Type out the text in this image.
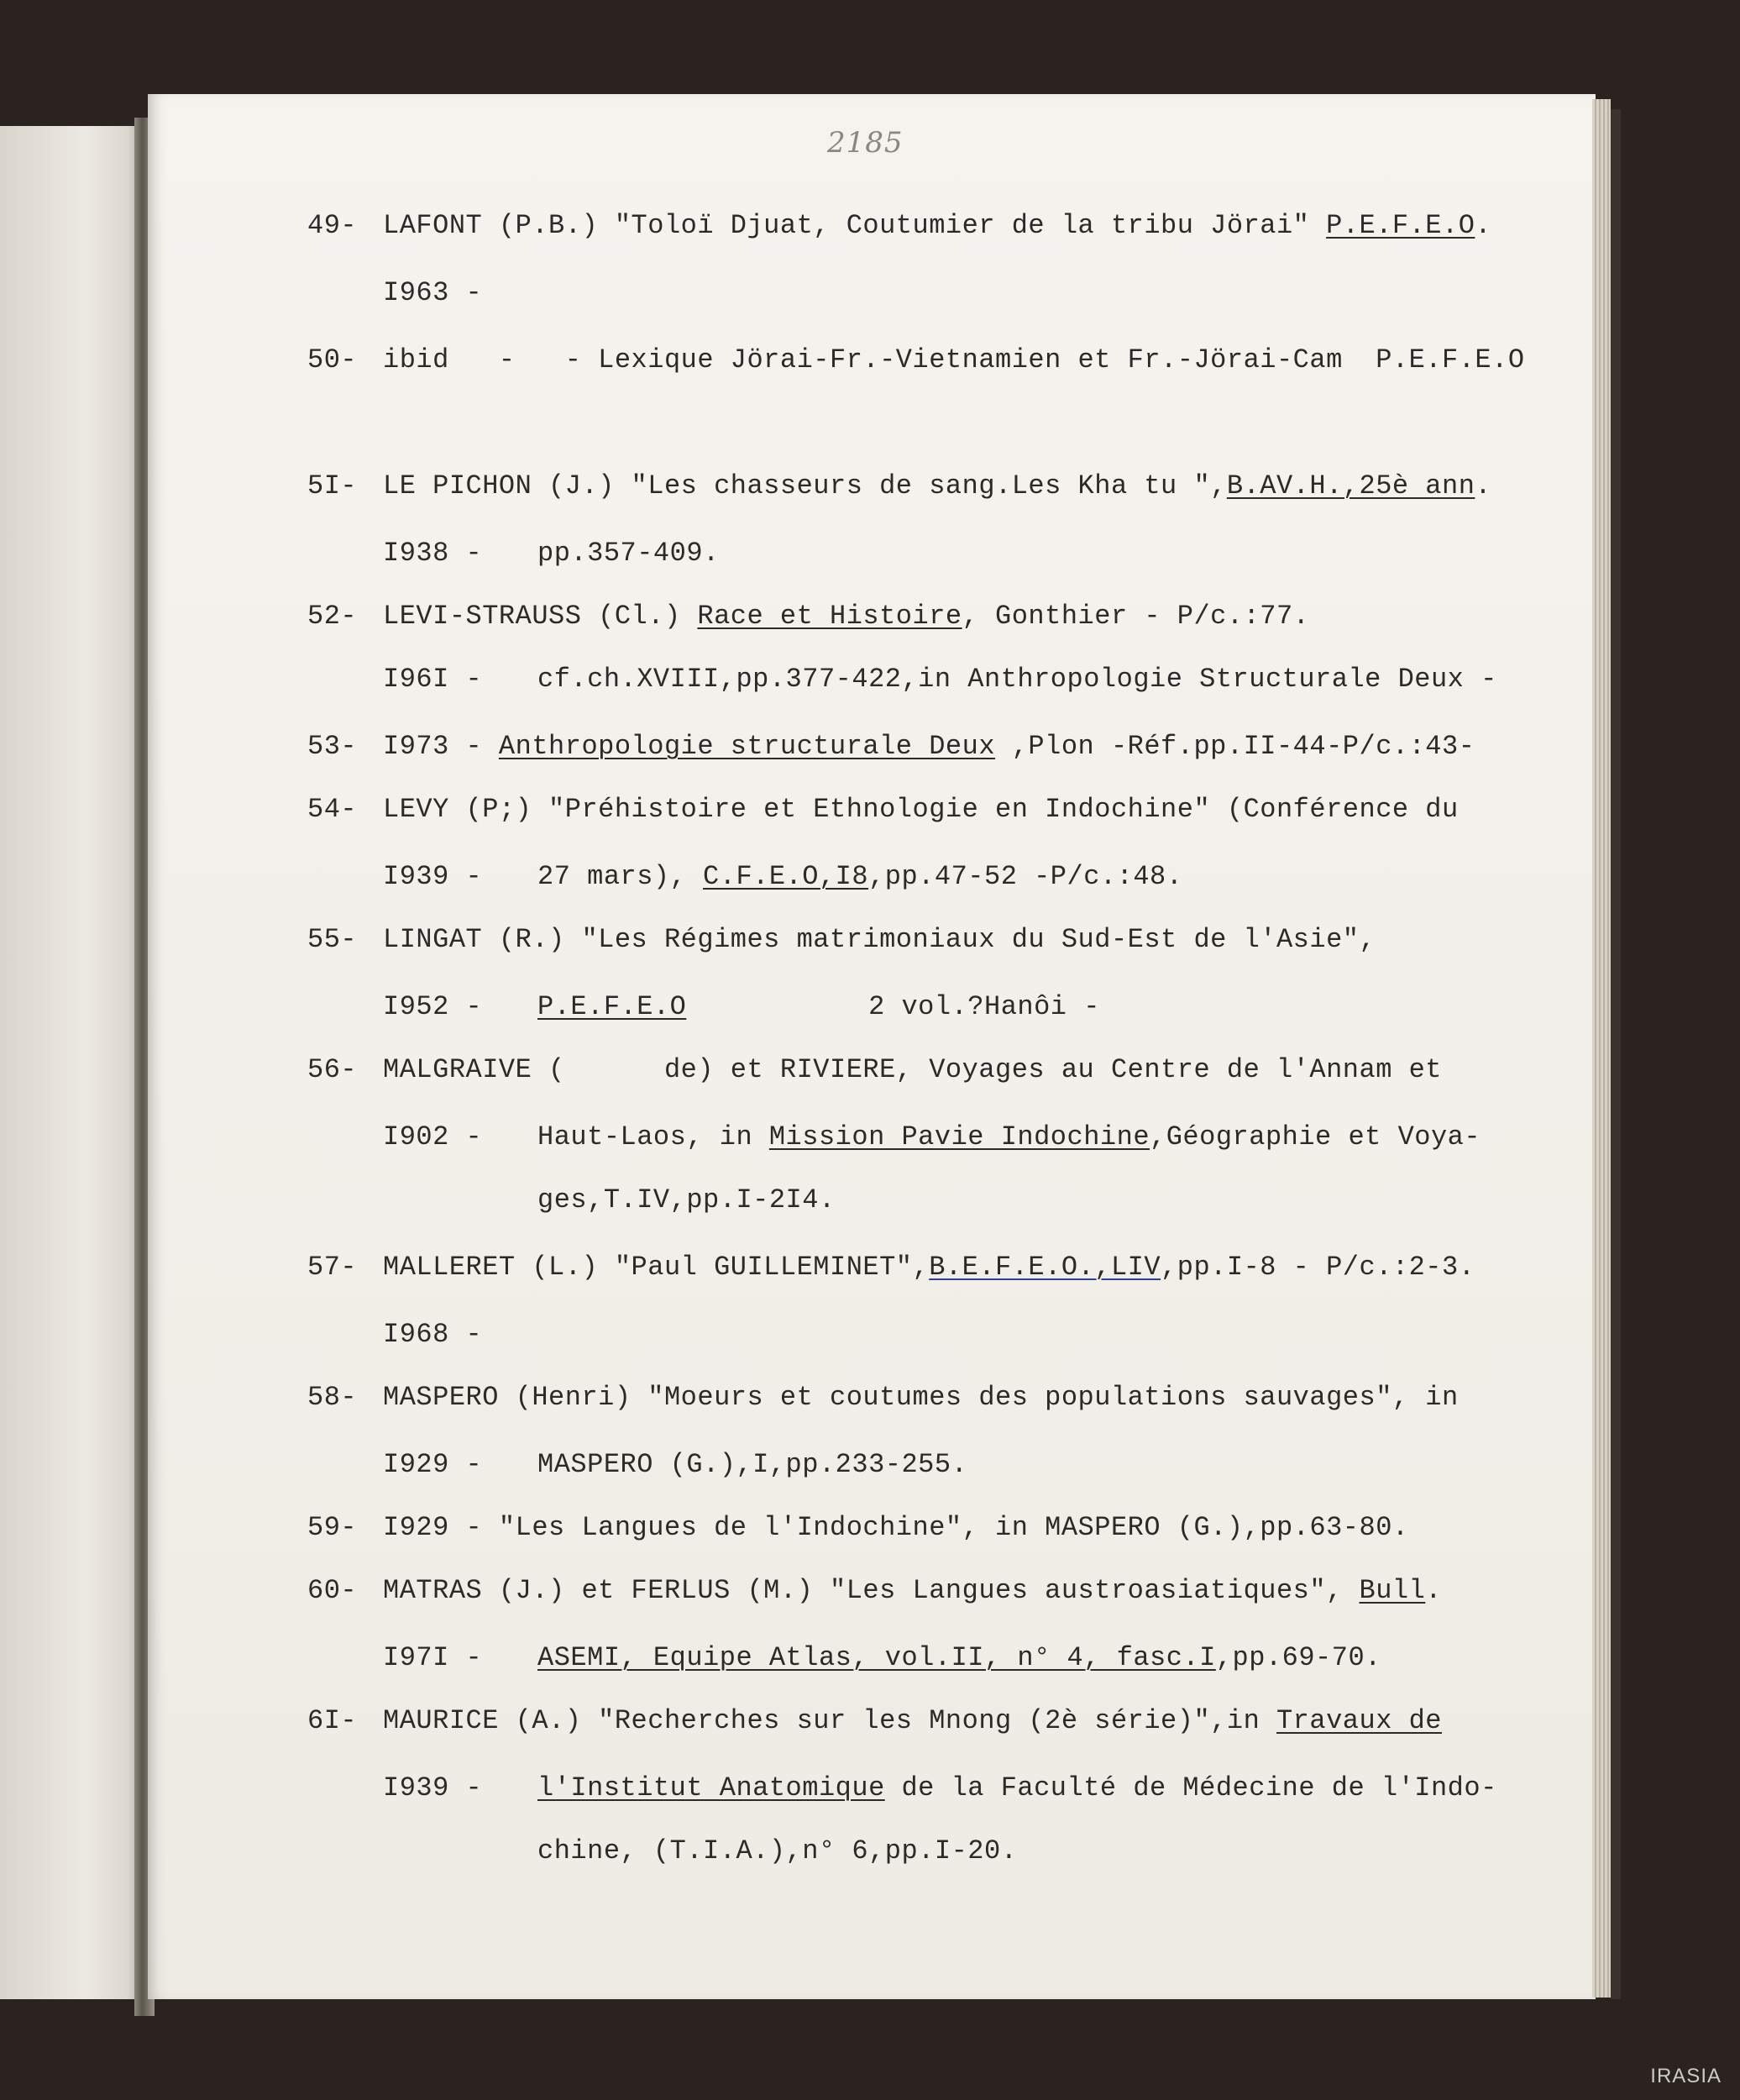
2185
49- LAFONT (P.B.) "Toloï Djuat, Coutumier de la tribu Jörai" P.E.F.E.O.
I963 -
50- ibid   -   - Lexique Jörai-Fr.-Vietnamien et Fr.-Jörai-Cam  P.E.F.E.O
5I- LE PICHON (J.) "Les chasseurs de sang.Les Kha tu ",B.AV.H.,25è ann.
I938 - pp.357-409.
52- LEVI-STRAUSS (Cl.) Race et Histoire, Gonthier - P/c.:77.
I96I - cf.ch.XVIII,pp.377-422,in Anthropologie Structurale Deux -
53- I973 - Anthropologie structurale Deux ,Plon -Réf.pp.II-44-P/c.:43-
54- LEVY (P;) "Préhistoire et Ethnologie en Indochine" (Conférence du
I939 - 27 mars), C.F.E.O,I8,pp.47-52 -P/c.:48.
55- LINGAT (R.) "Les Régimes matrimoniaux du Sud-Est de l'Asie",
I952 - P.E.F.E.O           2 vol.?Hanôi -
56- MALGRAIVE (      de) et RIVIERE, Voyages au Centre de l'Annam et
I902 - Haut-Laos, in Mission Pavie Indochine,Géographie et Voya-
ges,T.IV,pp.I-2I4.
57- MALLERET (L.) "Paul GUILLEMINET",B.E.F.E.O.,LIV,pp.I-8 - P/c.:2-3.
I968 -
58- MASPERO (Henri) "Moeurs et coutumes des populations sauvages", in
I929 - MASPERO (G.),I,pp.233-255.
59- I929 - "Les Langues de l'Indochine", in MASPERO (G.),pp.63-80.
60- MATRAS (J.) et FERLUS (M.) "Les Langues austroasiatiques", Bull.
I97I - ASEMI, Equipe Atlas, vol.II, n° 4, fasc.I,pp.69-70.
6I- MAURICE (A.) "Recherches sur les Mnong (2è série)",in Travaux de
I939 - l'Institut Anatomique de la Faculté de Médecine de l'Indo-
chine, (T.I.A.),n° 6,pp.I-20.
IRASIA
